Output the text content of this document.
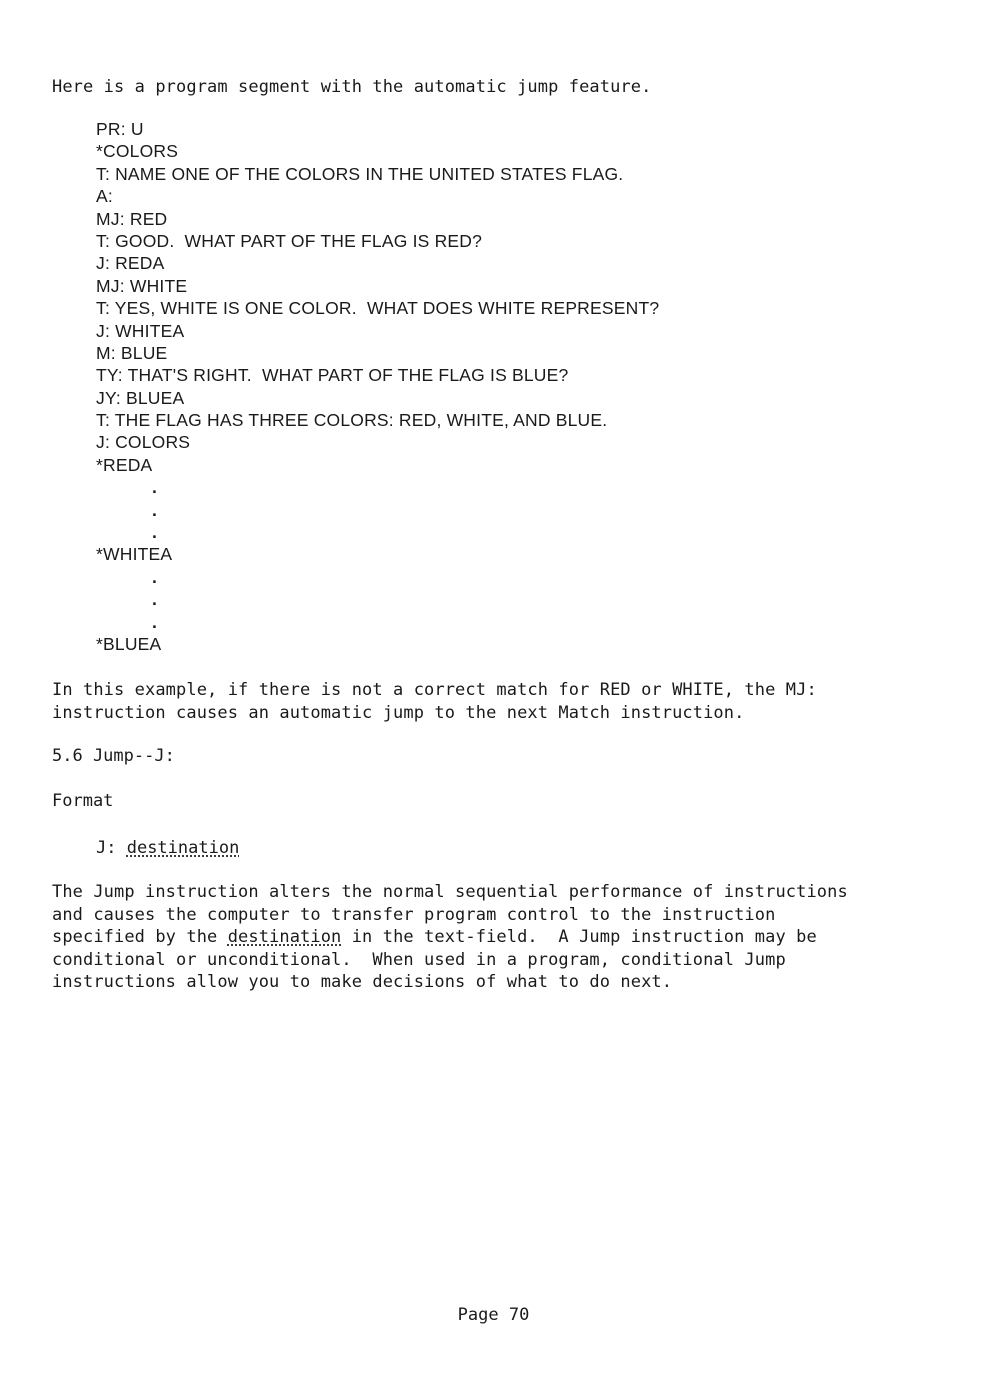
Here is a program segment with the automatic jump feature.
PR: U
*COLORS
T: NAME ONE OF THE COLORS IN THE UNITED STATES FLAG.
A:
MJ: RED
T: GOOD.  WHAT PART OF THE FLAG IS RED?
J: REDA
MJ: WHITE
T: YES, WHITE IS ONE COLOR.  WHAT DOES WHITE REPRESENT?
J: WHITEA
M: BLUE
TY: THAT'S RIGHT.  WHAT PART OF THE FLAG IS BLUE?
JY: BLUEA
T: THE FLAG HAS THREE COLORS: RED, WHITE, AND BLUE.
J: COLORS
*REDA
.
.
.
*WHITEA
.
.
.
*BLUEA
In this example, if there is not a correct match for RED or WHITE, the MJ:
instruction causes an automatic jump to the next Match instruction.
5.6 Jump--J:
Format
J: destination
The Jump instruction alters the normal sequential performance of instructions
and causes the computer to transfer program control to the instruction
specified by the destination in the text-field.  A Jump instruction may be
conditional or unconditional.  When used in a program, conditional Jump
instructions allow you to make decisions of what to do next.
Page 70
